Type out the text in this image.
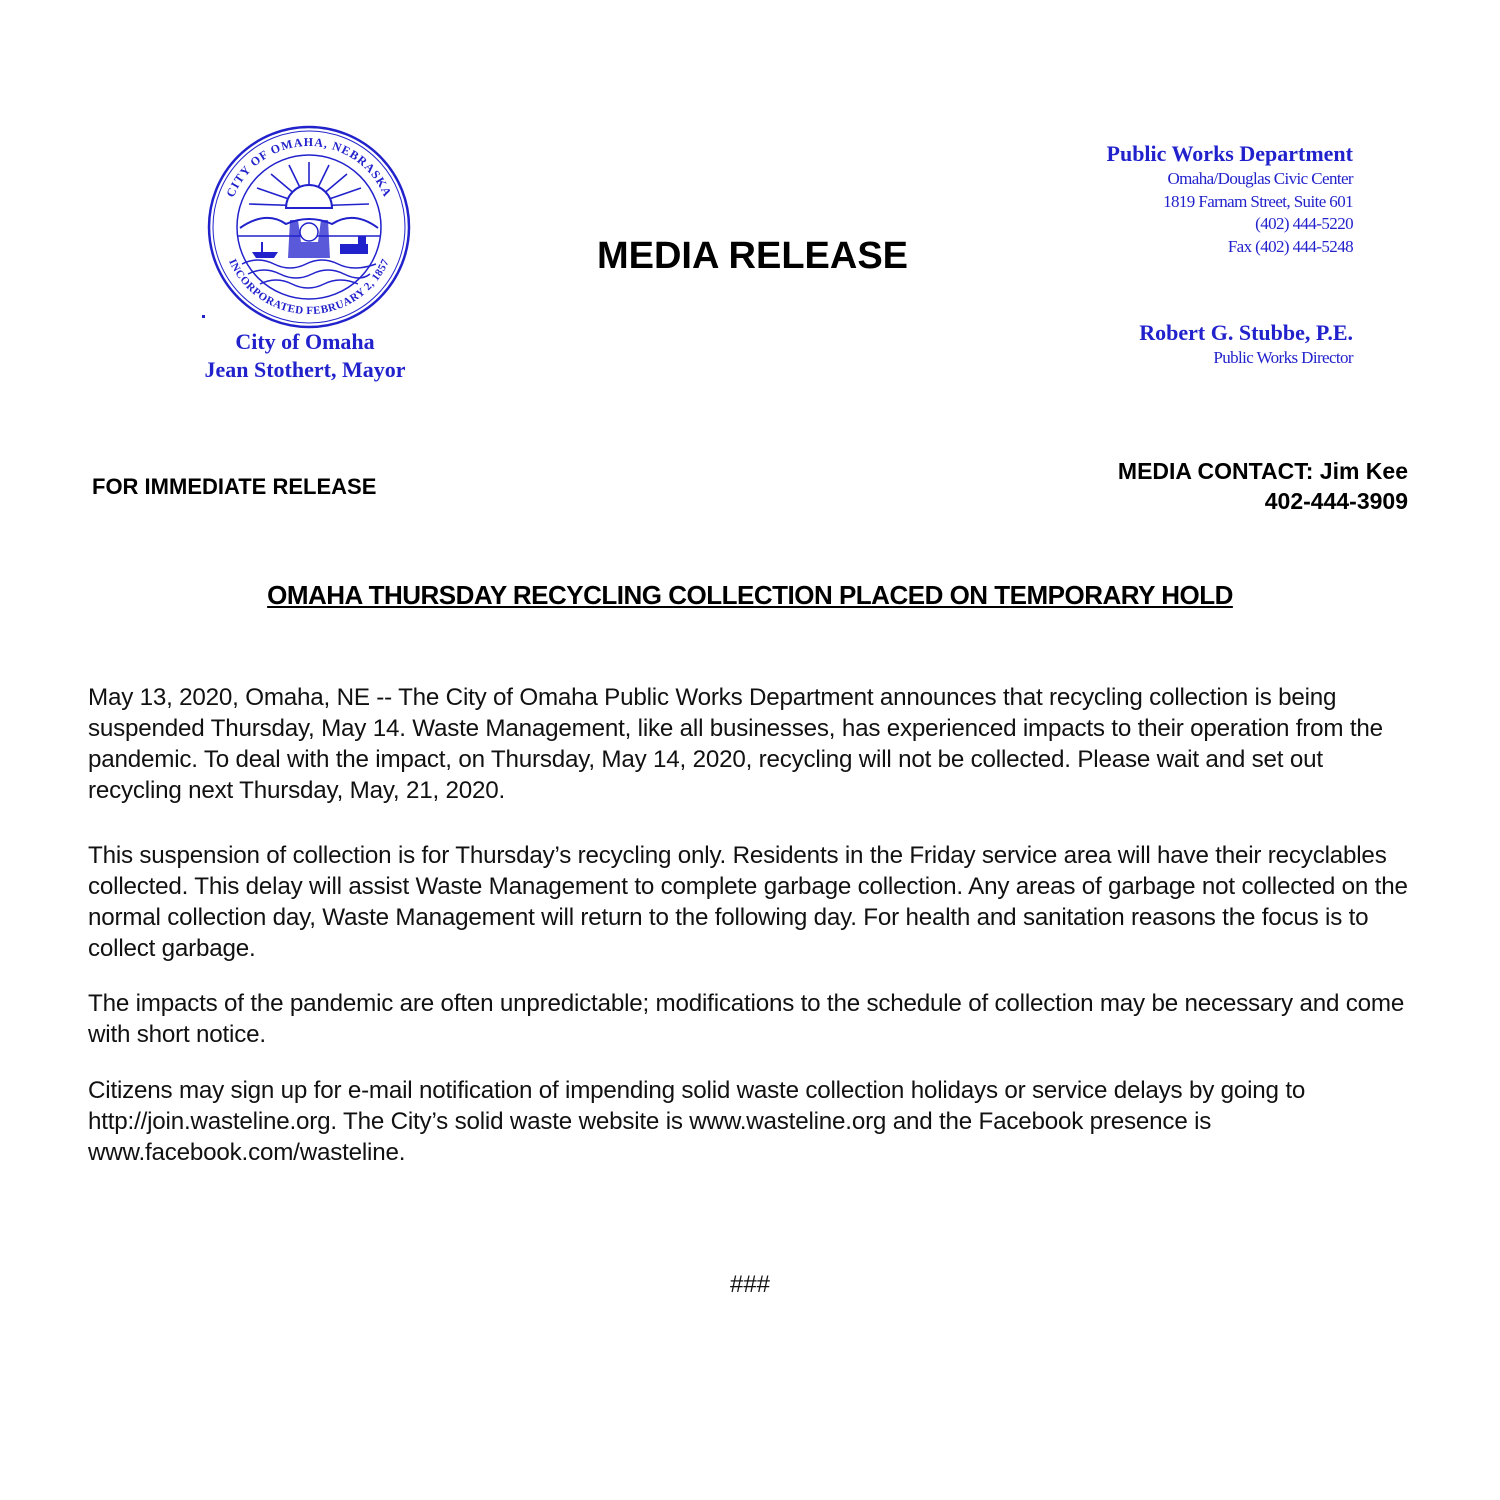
CITY OF OMAHA, NEBRASKA
INCORPORATED FEBRUARY 2, 1857
City of Omaha
Jean Stothert, Mayor
MEDIA RELEASE
Public Works Department
Omaha/Douglas Civic Center
1819 Farnam Street, Suite 601
(402) 444-5220
Fax (402) 444-5248
Robert G. Stubbe, P.E.
Public Works Director
FOR IMMEDIATE RELEASE
MEDIA CONTACT: Jim Kee
402-444-3909
OMAHA THURSDAY RECYCLING COLLECTION PLACED ON TEMPORARY HOLD

May 13, 2020, Omaha, NE -- The City of Omaha Public Works Department announces that recycling collection is being suspended Thursday, May 14. Waste Management, like all businesses, has experienced impacts to their operation from the pandemic. To deal with the impact, on Thursday, May 14, 2020, recycling will not be collected. Please wait and set out recycling next Thursday, May, 21, 2020.

This suspension of collection is for Thursday’s recycling only. Residents in the Friday service area will have their recyclables collected. This delay will assist Waste Management to complete garbage collection. Any areas of garbage not collected on the normal collection day, Waste Management will return to the following day. For health and sanitation reasons the focus is to collect garbage.

The impacts of the pandemic are often unpredictable; modifications to the schedule of collection may be necessary and come with short notice.

Citizens may sign up for e-mail notification of impending solid waste collection holidays or service delays by going to http://join.wasteline.org. The City’s solid waste website is www.wasteline.org and the Facebook presence is www.facebook.com/wasteline.

###
